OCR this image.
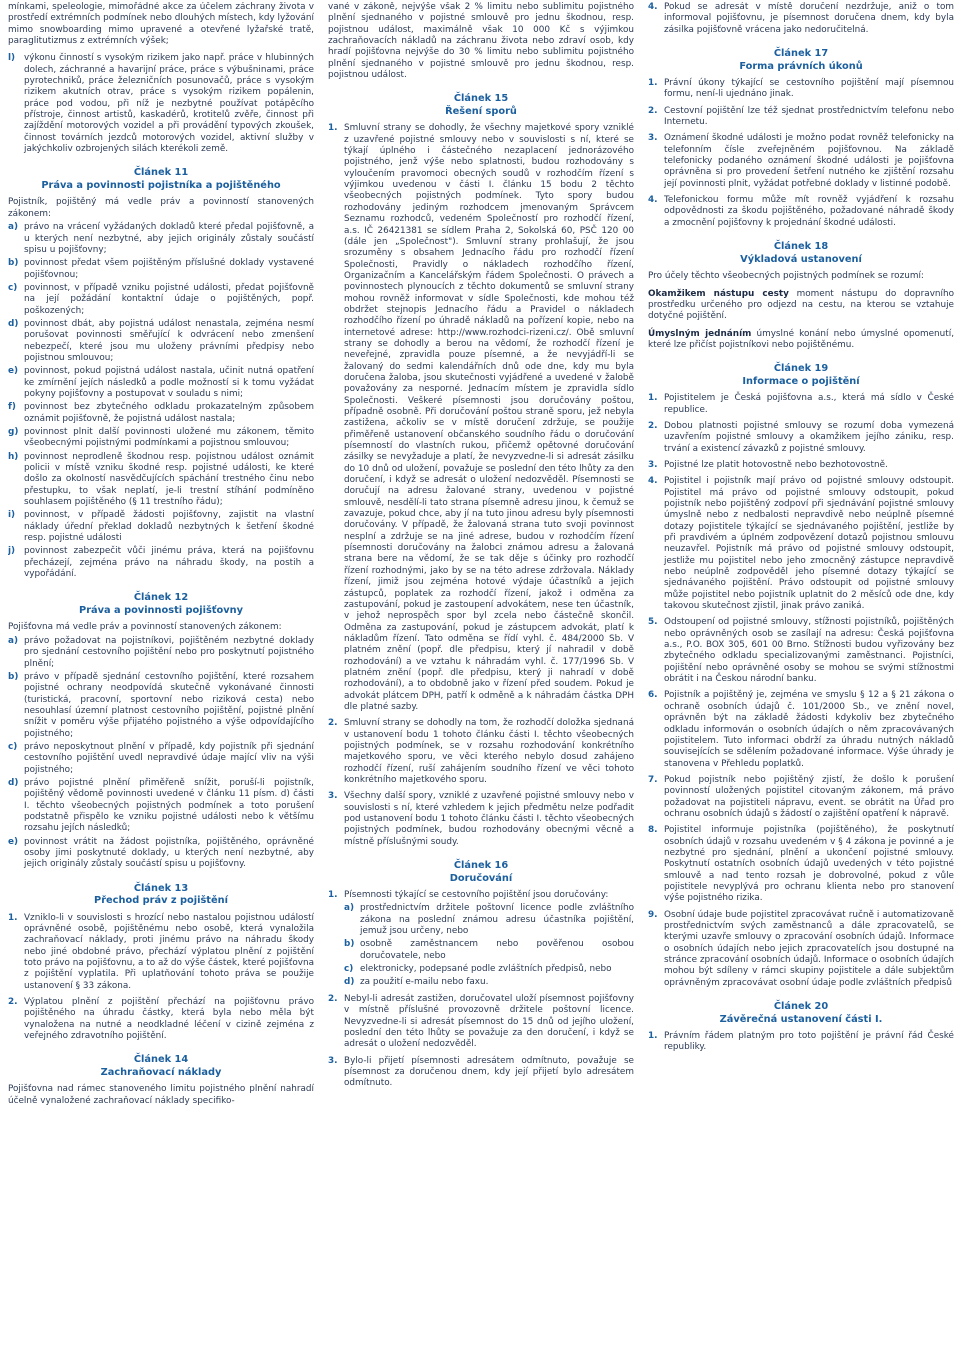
mínkami, speleologie, mimořádné akce za účelem záchrany života v prostředí extrémních podmínek nebo dlouhých místech, kdy lyžování mimo snowboarding mimo upravené a otevřené lyžařské tratě, paraglitutizmus z extrémních výšek;

l) výkonu činností s vysokým rizikem jako např. práce v hlubinných dolech, záchranné a havarijní práce, práce s výbušninami, práce pyrotechniků, práce železničních posunovačů, práce s vysokým rizikem akutních otrav, práce s vysokým rizikem popálenin, práce pod vodou, při níž je nezbytné používat potápěcího přístroje, činnost artistů, kaskadérů, krotitelů zvěře, činnost při zajíždění motorových vozidel a při provádění typových zkoušek, činnost továrních jezdců motorových vozidel, aktivní služby v jakýchkoliv ozbrojených silách kterékoli země.
Článek 11
Práva a povinnosti pojistníka a pojištěného

Pojistník, pojištěný má vedle práv a povinností stanovených zákonem:

a) právo na vrácení vyžádaných dokladů které předal pojišťovně, a u kterých není nezbytné, aby jejich originály zůstaly součástí spisu u pojišťovny;
b) povinnost předat všem pojištěným příslušné doklady vystavené pojišťovnou;
c) povinnost, v případě vzniku pojistné události, předat pojišťovně na její požádání kontaktní údaje o pojištěných, popř. poškozených;
d) povinnost dbát, aby pojistná událost nenastala, zejména nesmí porušovat povinnosti směřující k odvrácení nebo zmenšení nebezpečí, které jsou mu uloženy právními předpisy nebo pojistnou smlouvou;
e) povinnost, pokud pojistná událost nastala, učinit nutná opatření ke zmírnění jejích následků a podle možností si k tomu vyžádat pokyny pojišťovny a postupovat v souladu s nimi;
f) povinnost bez zbytečného odkladu prokazatelným způsobem oznámit pojišťovně, že pojistná událost nastala;
g) povinnost plnit další povinnosti uložené mu zákonem, těmito všeobecnými pojistnými podmínkami a pojistnou smlouvou;
h) povinnost neprodleně škodnou resp. pojistnou událost oznámit policii v místě vzniku škodné resp. pojistné události, ke které došlo za okolností nasvědčujících spáchání trestného činu nebo přestupku, to však neplatí, je-li trestní stíhání podmíněno souhlasem pojištěného (§ 11 trestního řádu);
i) povinnost, v případě žádosti pojišťovny, zajistit na vlastní náklady úřední překlad dokladů nezbytných k šetření škodné resp. pojistné události
j) povinnost zabezpečit vůči jinému práva, která na pojišťovnu přecházejí, zejména právo na náhradu škody, na postih a vypořádání.
Článek 12
Práva a povinnosti pojišťovny

Pojišťovna má vedle práv a povinností stanovených zákonem:

a) právo požadovat na pojistníkovi, pojištěném nezbytné doklady pro sjednání cestovního pojištění nebo pro poskytnutí pojistného plnění;
b) právo v případě sjednání cestovního pojištění, které rozsahem pojistné ochrany neodpovídá skutečně vykonávané činnosti (turistická, pracovní, sportovní nebo riziková cesta) nebo nesouhlasí územní platnost cestovního pojištění, pojistné plnění snížit v poměru výše přijatého pojistného a výše odpovídajícího pojistného;
c) právo neposkytnout plnění v případě, kdy pojistník při sjednání cestovního pojištění uvedl nepravdivé údaje mající vliv na výši pojistného;
d) právo pojistné plnění přiměřeně snížit, poruší-li pojistník, pojištěný vědomě povinnosti uvedené v článku 11 písm. d) části I. těchto všeobecných pojistných podmínek a toto porušení podstatně přispělo ke vzniku pojistné události nebo k většímu rozsahu jejích následků;
e) povinnost vrátit na žádost pojistníka, pojištěného, oprávněné osoby jimi poskytnuté doklady, u kterých není nezbytné, aby jejich originály zůstaly součástí spisu u pojišťovny.
Článek 13
Přechod práv z pojištění
1. Vzniklo-li v souvislosti s hrozící nebo nastalou pojistnou událostí oprávněné osobě, pojištěnému nebo osobě, která vynaložila zachraňovací náklady, proti jinému právo na náhradu škody nebo jiné obdobné právo, přechází výplatou plnění z pojištění toto právo na pojišťovnu, a to až do výše částek, které pojišťovna z pojištění vyplatila. Při uplatňování tohoto práva se použije ustanovení § 33 zákona.
2. Výplatou plnění z pojištění přechází na pojišťovnu právo pojištěného na úhradu částky, která byla nebo měla být vynaložena na nutné a neodkladné léčení v cizině zejména z veřejného zdravotního pojištění.
Článek 14
Zachraňovací náklady

Pojišťovna nad rámec stanoveného limitu pojistného plnění nahradí účelně vynaložené zachraňovací náklady specifiko-

vané v zákoně, nejvýše však 2 % limitu nebo sublimitu pojistného plnění sjednaného v pojistné smlouvě pro jednu škodnou, resp. pojistnou událost, maximálně však 10 000 Kč s výjimkou zachraňovacích nákladů na záchranu života nebo zdraví osob, kdy hradí pojišťovna nejvýše do 30 % limitu nebo sublimitu pojistného plnění sjednaného v pojistné smlouvě pro jednu škodnou, resp. pojistnou událost.

Článek 15
Řešení sporů
1. Smluvní strany se dohodly, že všechny majetkové spory vzniklé z uzavřené pojistné smlouvy nebo v souvislosti s ní, které se týkají úplného i částečného nezaplacení jednorázového pojistného, jenž výše nebo splatnosti, budou rozhodovány s vyloučením pravomoci obecných soudů v rozhodčím řízení s výjimkou uvedenou v části I. článku 15 bodu 2 těchto všeobecných pojistných podmínek. Tyto spory budou rozhodovány jediným rozhodcem jmenovaným Správcem Seznamu rozhodců, vedeném Společností pro rozhodčí řízení, a.s. IČ 26421381 se sídlem Praha 2, Sokolská 60, PSČ 120 00 (dále jen „Společnost"). Smluvní strany prohlašují, že jsou srozuměny s obsahem Jednacího řádu pro rozhodčí řízení Společnosti, Pravidly o nákladech rozhodčího řízení, Organizačním a Kancelářským řádem Společnosti. O právech a povinnostech plynoucích z těchto dokumentů se smluvní strany mohou rovněž informovat v sídle Společnosti, kde mohou též obdržet stejnopis Jednacího řádu a Pravidel o nákladech rozhodčího řízení po úhradě nákladů na pořízení kopie, nebo na internetové adrese: http://www.rozhodci-rizeni.cz/. Obě smluvní strany se dohodly a berou na vědomí, že rozhodčí řízení je neveřejné, zpravidla pouze písemné, a že nevyjádří-li se žalovaný do sedmi kalendářních dnů ode dne, kdy mu byla doručena žaloba, jsou skutečnosti vyjádřené a uvedené v žalobě považovány za nesporné. Jednacím místem je zpravidla sídlo Společnosti. Veškeré písemnosti jsou doručovány poštou, případně osobně. Při doručování poštou straně sporu, jež nebyla zastižena, ačkoliv se v místě doručení zdržuje, se použije přiměřeně ustanovení občanského soudního řádu o doručování písemností do vlastních rukou, přičemž opětovné doručování zásilky se nevyžaduje a platí, že nevyzvedne-li si adresát zásilku do 10 dnů od uložení, považuje se poslední den této lhůty za den doručení, i když se adresát o uložení nedozvěděl. Písemnosti se doručují na adresu žalované strany, uvedenou v pojistné smlouvě, nesdělí-li tato strana písemně adresu jinou, k čemuž se zavazuje, pokud chce, aby jí na tuto jinou adresu byly písemnosti doručovány. V případě, že žalovaná strana tuto svoji povinnost nesplní a zdržuje se na jiné adrese, budou v rozhodčím řízení písemnosti doručovány na žalobci známou adresu a žalovaná strana bere na vědomí, že se tak děje s účinky pro rozhodčí řízení rozhodnými, jako by se na této adrese zdržovala. Náklady řízení, jimiž jsou zejména hotové výdaje účastníků a jejich zástupců, poplatek za rozhodčí řízení, jakož i odměna za zastupování, pokud je zastoupení advokátem, nese ten účastník, v jehož neprospěch spor byl zcela nebo částečně skončil. Odměna za zastupování, pokud je zástupcem advokát, platí k nákladům řízení. Tato odměna se řídí vyhl. č. 484/2000 Sb. V platném znění (popř. dle předpisu, který jí nahradil v době rozhodování) a ve vztahu k náhradám vyhl. č. 177/1996 Sb. V platném znění (popř. dle předpisu, který ji nahradí v době rozhodování), a to obdobně jako v řízení před soudem. Pokud je advokát plátcem DPH, patří k odměně a k náhradám částka DPH dle platné sazby.
2. Smluvní strany se dohodly na tom, že rozhodčí doložka sjednaná v ustanovení bodu 1 tohoto článku části I. těchto všeobecných pojistných podmínek, se v rozsahu rozhodování konkrétního majetkového sporu, ve věci kterého nebylo dosud zahájeno rozhodčí řízení, ruší zahájením soudního řízení ve věci tohoto konkrétního majetkového sporu.
3. Všechny další spory, vzniklé z uzavřené pojistné smlouvy nebo v souvislosti s ní, které vzhledem k jejich předmětu nelze podřadit pod ustanovení bodu 1 tohoto článku části I. těchto všeobecných pojistných podmínek, budou rozhodovány obecnými věcně a místně příslušnými soudy.
Článek 16
Doručování
1. Písemnosti týkající se cestovního pojištění jsou doručovány:
a) prostřednictvím držitele poštovní licence podle zvláštního zákona na poslední známou adresu účastníka pojištění, jemuž jsou určeny, nebo
b) osobně zaměstnancem nebo pověřenou osobou doručovatele, nebo
c) elektronicky, podepsané podle zvláštních předpisů, nebo
d) za použití e-mailu nebo faxu.
2. Nebyl-li adresát zastižen, doručovatel uloží písemnost pojišťovny v místně příslušné provozovně držitele poštovní licence. Nevyzvedne-li si adresát písemnost do 15 dnů od jejího uložení, poslední den této lhůty se považuje za den doručení, i když se adresát o uložení nedozvěděl.
3. Bylo-li přijetí písemnosti adresátem odmítnuto, považuje se písemnost za doručenou dnem, kdy její přijetí bylo adresátem odmítnuto.
4. Pokud se adresát v místě doručení nezdržuje, aniž o tom informoval pojišťovnu, je písemnost doručena dnem, kdy byla zásilka pojišťovně vrácena jako nedoručitelná.
Článek 17
Forma právních úkonů
1. Právní úkony týkající se cestovního pojištění mají písemnou formu, není-li ujednáno jinak.
2. Cestovní pojištění lze též sjednat prostřednictvím telefonu nebo Internetu.
3. Oznámení škodné události je možno podat rovněž telefonicky na telefonním čísle zveřejněném pojišťovnou. Na základě telefonicky podaného oznámení škodné události je pojišťovna oprávněna si pro provedení šetření nutného ke zjištění rozsahu její povinnosti plnit, vyžádat potřebné doklady v listinné podobě.
4. Telefonickou formu může mít rovněž vyjádření k rozsahu odpovědnosti za škodu pojištěného, požadované náhradě škody a zmocnění pojišťovny k projednání škodné události.
Článek 18
Výkladová ustanovení

Pro účely těchto všeobecných pojistných podmínek se rozumí:

Okamžikem nástupu cesty moment nástupu do dopravního prostředku určeného pro odjezd na cestu, na kterou se vztahuje dotyčné pojištění.

Úmyslným jednáním úmyslné konání nebo úmyslné opomenutí, které lze přičíst pojistníkovi nebo pojištěnému.

Článek 19
Informace o pojištění
1. Pojistitelem je Česká pojišťovna a.s., která má sídlo v České republice.
2. Dobou platnosti pojistné smlouvy se rozumí doba vymezená uzavřením pojistné smlouvy a okamžikem jejího zániku, resp. trvání a existencí závazků z pojistné smlouvy.
3. Pojistné lze platit hotovostně nebo bezhotovostně.
4. Pojistitel i pojistník mají právo od pojistné smlouvy odstoupit. Pojistitel má právo od pojistné smlouvy odstoupit, pokud pojistník nebo pojištěný zodpoví při sjednávání pojistné smlouvy úmyslně nebo z nedbalosti nepravdivě nebo neúplně písemné dotazy pojistitele týkající se sjednávaného pojištění, jestliže by při pravdivém a úplném zodpovězení dotazů pojistnou smlouvu neuzavřel. Pojistník má právo od pojistné smlouvy odstoupit, jestliže mu pojistitel nebo jeho zmocněný zástupce nepravdivě nebo neúplně zodpověděl jeho písemné dotazy týkající se sjednávaného pojištění. Právo odstoupit od pojistné smlouvy může pojistitel nebo pojistník uplatnit do 2 měsíců ode dne, kdy takovou skutečnost zjistil, jinak právo zaniká.
5. Odstoupení od pojistné smlouvy, stížnosti pojistníků, pojištěných nebo oprávněných osob se zasílají na adresu: Česká pojišťovna a.s., P.O. BOX 305, 601 00 Brno. Stížnosti budou vyřizovány bez zbytečného odkladu specializovanými zaměstnanci. Pojistníci, pojištění nebo oprávněné osoby se mohou se svými stížnostmi obrátit i na Českou národní banku.
6. Pojistník a pojištěný je, zejména ve smyslu § 12 a § 21 zákona o ochraně osobních údajů č. 101/2000 Sb., ve znění novel, oprávněn být na základě žádosti kdykoliv bez zbytečného odkladu informován o osobních údajích o něm zpracovávaných pojistitelem. Tuto informaci obdrží za úhradu nutných nákladů souvisejících se sdělením požadované informace. Výše úhrady je stanovena v Přehledu poplatků.
7. Pokud pojistník nebo pojištěný zjistí, že došlo k porušení povinností uložených pojistitel citovaným zákonem, má právo požadovat na pojistiteli nápravu, event. se obrátit na Úřad pro ochranu osobních údajů s žádostí o zajištění opatření k nápravě.
8. Pojistitel informuje pojistníka (pojištěného), že poskytnutí osobních údajů v rozsahu uvedeném v § 4 zákona je povinné a je nezbytné pro sjednání, plnění a ukončení pojistné smlouvy. Poskytnutí ostatních osobních údajů uvedených v této pojistné smlouvě a nad tento rozsah je dobrovolné, pokud z vůle pojistitele nevyplývá pro ochranu klienta nebo pro stanovení výše pojistného rizika.
9. Osobní údaje bude pojistitel zpracovávat ručně i automatizovaně prostřednictvím svých zaměstnanců a dále zpracovatelů, se kterými uzavře smlouvy o zpracování osobních údajů. Informace o osobních údajích nebo jejich zpracovatelích jsou dostupné na stránce zpracování osobních údajů. Informace o osobních údajích mohou být sdíleny v rámci skupiny pojistitele a dále subjektům oprávněným zpracovávat osobní údaje podle zvláštních předpisů
Článek 20
Závěrečná ustanovení části I.
1. Právním řádem platným pro toto pojištění je právní řád České republiky.
